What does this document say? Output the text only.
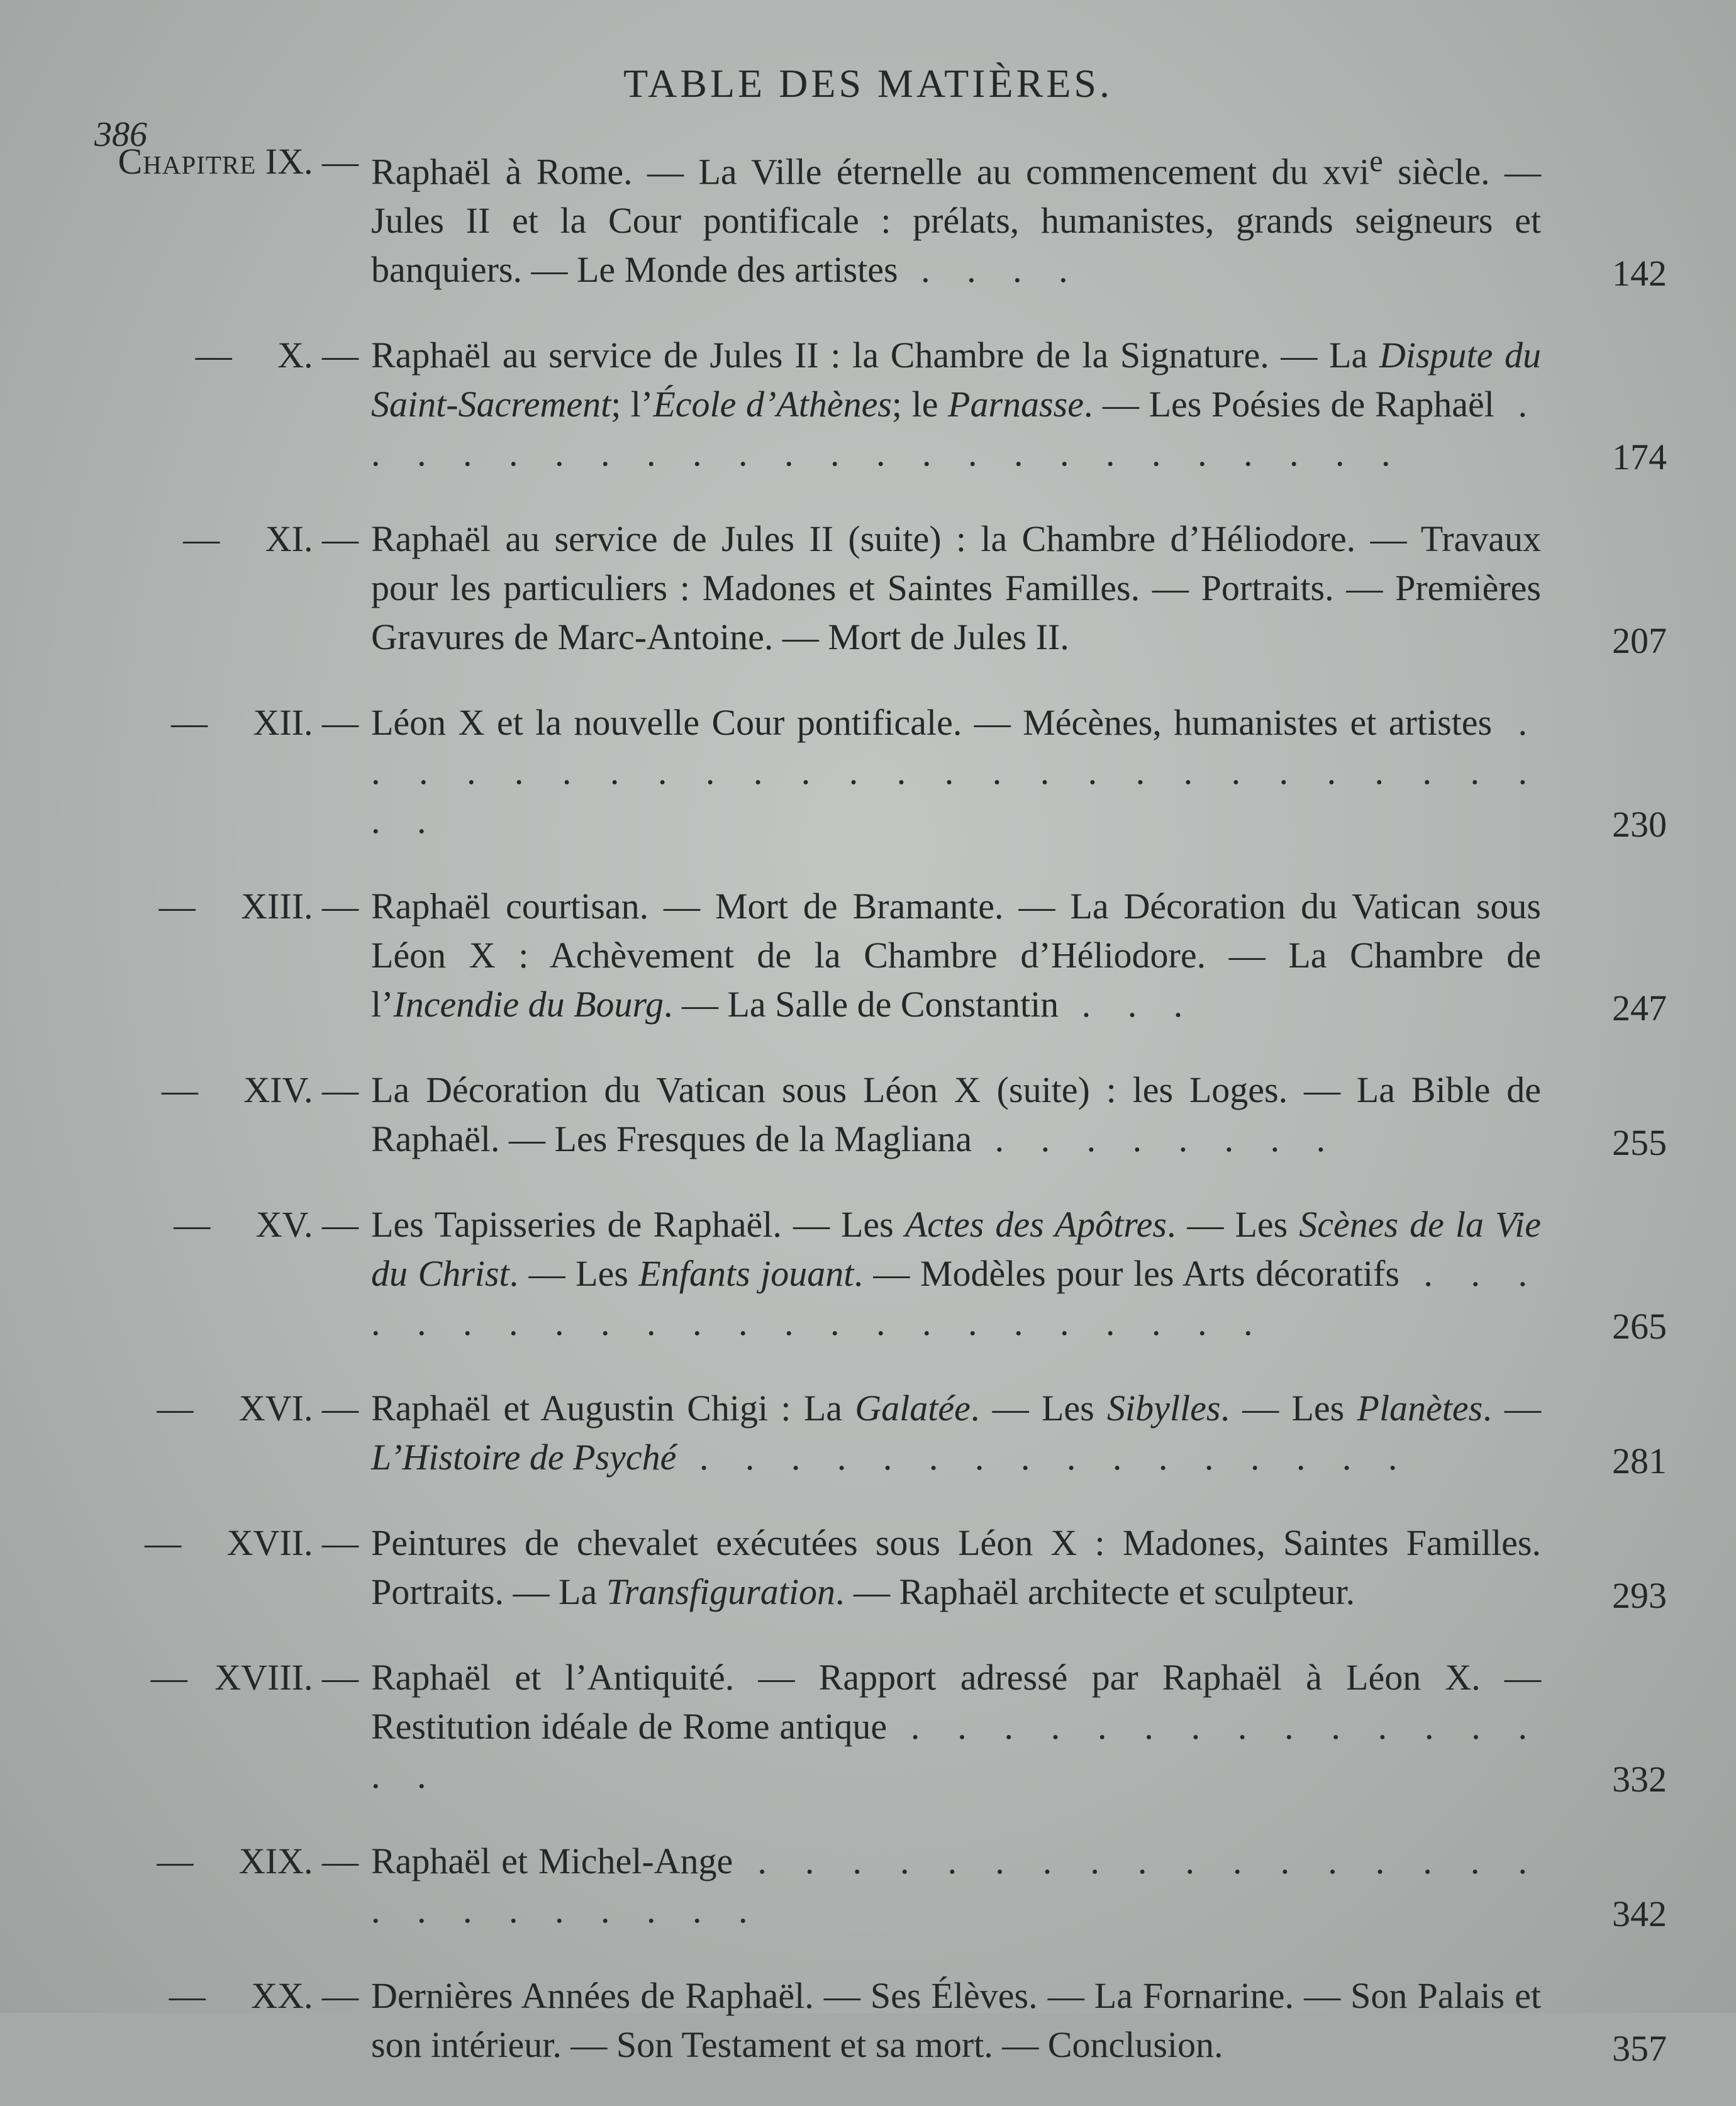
TABLE DES MATIÈRES.
386
Chapitre IX. — Raphaël à Rome. — La Ville éternelle au commencement du xvi$^e$ siècle. — Jules II et la Cour pontificale : prélats, humanistes, grands seigneurs et banquiers. — Le Monde des artistes . . . .	142
— X. — Raphaël au service de Jules II : la Chambre de la Signature. — La Dispute du Saint-Sacrement; l’École d’Athènes; le Parnasse. — Les Poésies de Raphaël . . . . . . . . . . . . . . . . . . . . . . . .	174
— XI. — Raphaël au service de Jules II (suite) : la Chambre d’Héliodore. — Travaux pour les particuliers : Madones et Saintes Familles. — Portraits. — Premières Gravures de Marc-Antoine. — Mort de Jules II.	207
— XII. — Léon X et la nouvelle Cour pontificale. — Mécènes, humanistes et artistes . . . . . . . . . . . . . . . . . . . . . . . . . . . .	230
— XIII. — Raphaël courtisan. — Mort de Bramante. — La Décoration du Vatican sous Léon X : Achèvement de la Chambre d’Héliodore. — La Chambre de l’Incendie du Bourg. — La Salle de Constantin . . .	247
— XIV. — La Décoration du Vatican sous Léon X (suite) : les Loges. — La Bible de Raphaël. — Les Fresques de la Magliana . . . . . . . .	255
— XV. — Les Tapisseries de Raphaël. — Les Actes des Apôtres. — Les Scènes de la Vie du Christ. — Les Enfants jouant. — Modèles pour les Arts décoratifs . . . . . . . . . . . . . . . . . . . . . . .	265
— XVI. — Raphaël et Augustin Chigi : La Galatée. — Les Sibylles. — Les Planètes. — L’Histoire de Psyché . . . . . . . . . . . . . . . .	281
— XVII. — Peintures de chevalet exécutées sous Léon X : Madones, Saintes Familles. Portraits. — La Transfiguration. — Raphaël architecte et sculpteur.	293
— XVIII. — Raphaël et l’Antiquité. — Rapport adressé par Raphaël à Léon X. — Restitution idéale de Rome antique . . . . . . . . . . . . . . . .	332
— XIX. — Raphaël et Michel-Ange . . . . . . . . . . . . . . . . . . . . . . . . . .	342
— XX. — Dernières Années de Raphaël. — Ses Élèves. — La Fornarine. — Son Palais et son intérieur. — Son Testament et sa mort. — Conclusion.	357
